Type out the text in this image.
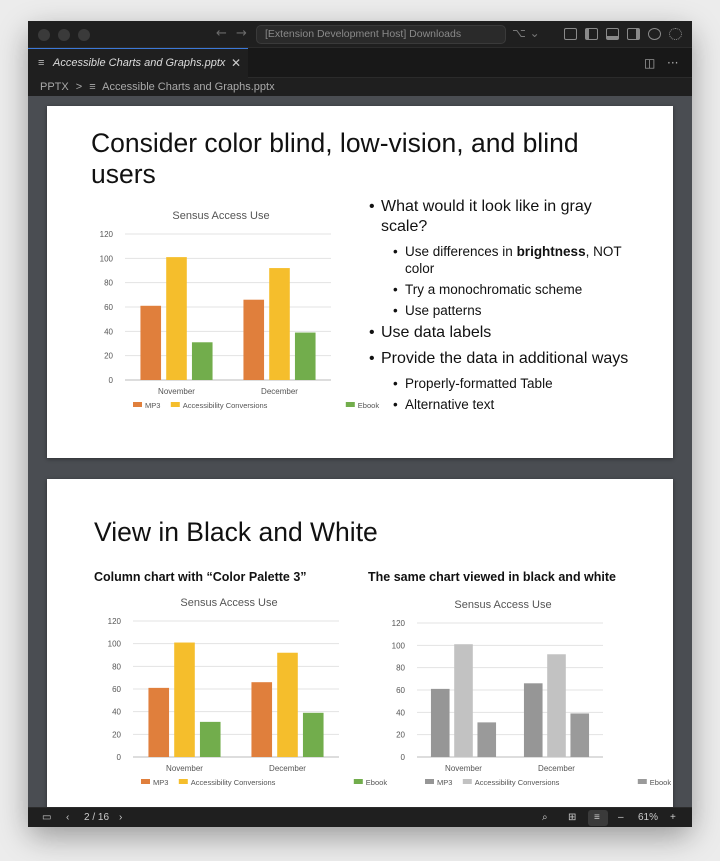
← →	[Extension Development Host] Downloads	⌥ ⌄
≡ Accessible Charts and Graphs.pptx ✕	◫ ···
PPTX > ≡ Accessible Charts and Graphs.pptx
Consider color blind, low-vision, and blind users
Sensus Access Use
0
20
40
60
80
100
120
November	December
MP3	Accessibility Conversions	Ebook
• What would it look like in gray scale?
• Use differences in brightness, NOT color
• Try a monochromatic scheme
• Use patterns
• Use data labels
• Provide the data in additional ways
• Properly-formatted Table
• Alternative text
View in Black and White
Column chart with “Color Palette 3”	The same chart viewed in black and white
Sensus Access Use
0
20
40
60
80
100
120
November	December
MP3	Accessibility Conversions	Ebook
Sensus Access Use
0
20
40
60
80
100
120
November	December
MP3	Accessibility Conversions	Ebook
▭ ‹ 2 / 16 ›	⌕ ⊞ ≡ – 61% +
